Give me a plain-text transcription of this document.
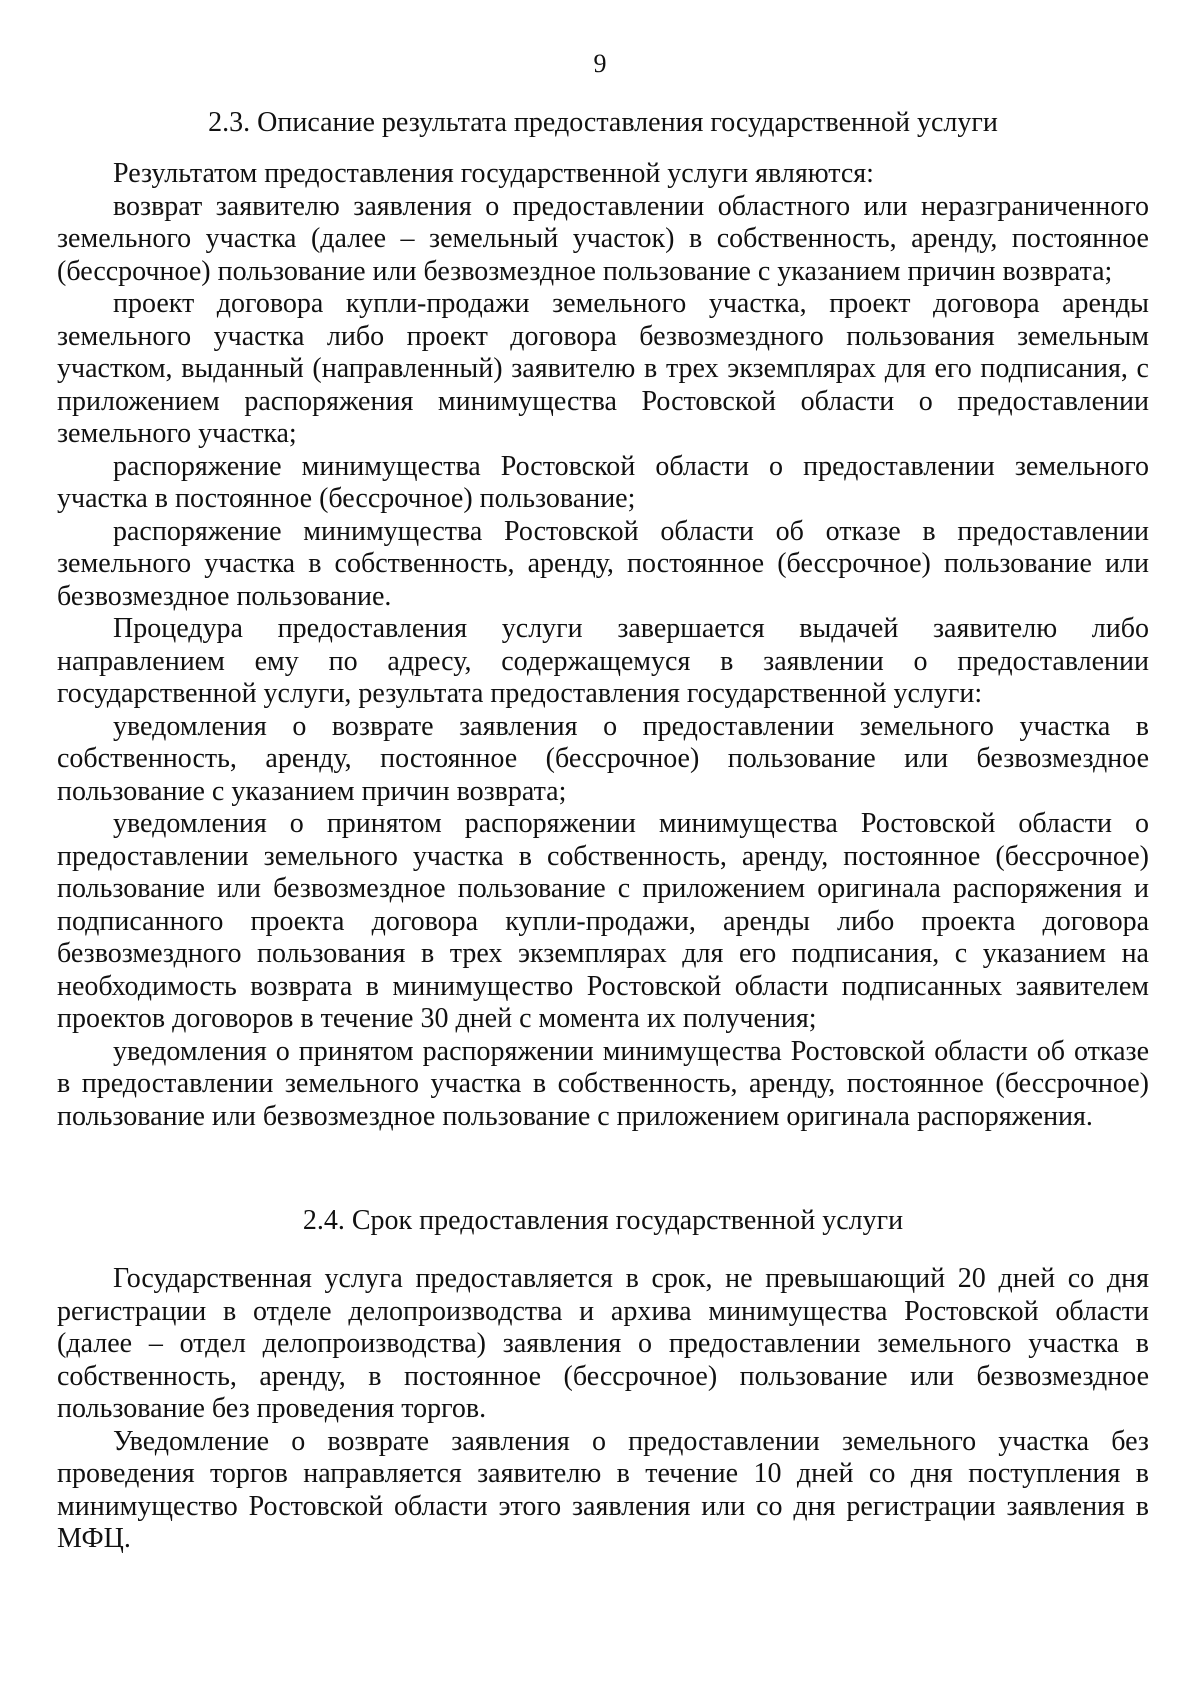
9
2.3. Описание результата предоставления государственной услуги

Результатом предоставления государственной услуги являются:

возврат заявителю заявления о предоставлении областного или неразграниченного земельного участка (далее – земельный участок) в собственность, аренду, постоянное (бессрочное) пользование или безвозмездное пользование с указанием причин возврата;

проект договора купли-продажи земельного участка, проект договора аренды земельного участка либо проект договора безвозмездного пользования земельным участком, выданный (направленный) заявителю в трех экземплярах для его подписания, с приложением распоряжения минимущества Ростовской области о предоставлении земельного участка;

распоряжение минимущества Ростовской области о предоставлении земельного участка в постоянное (бессрочное) пользование;

распоряжение минимущества Ростовской области об отказе в предоставлении земельного участка в собственность, аренду, постоянное (бессрочное) пользование или безвозмездное пользование.

Процедура предоставления услуги завершается выдачей заявителю либо направлением ему по адресу, содержащемуся в заявлении о предоставлении государственной услуги, результата предоставления государственной услуги:

уведомления о возврате заявления о предоставлении земельного участка в собственность, аренду, постоянное (бессрочное) пользование или безвозмездное пользование с указанием причин возврата;

уведомления о принятом распоряжении минимущества Ростовской области о предоставлении земельного участка в собственность, аренду, постоянное (бессрочное) пользование или безвозмездное пользование с приложением оригинала распоряжения и подписанного проекта договора купли-продажи, аренды либо проекта договора безвозмездного пользования в трех экземплярах для его подписания, с указанием на необходимость возврата в минимущество Ростовской области подписанных заявителем проектов договоров в течение 30 дней с момента их получения;

уведомления о принятом распоряжении минимущества Ростовской области об отказе в предоставлении земельного участка в собственность, аренду, постоянное (бессрочное) пользование или безвозмездное пользование с приложением оригинала распоряжения.

2.4. Срок предоставления государственной услуги

Государственная услуга предоставляется в срок, не превышающий 20 дней со дня регистрации в отделе делопроизводства и архива минимущества Ростовской области (далее – отдел делопроизводства) заявления о предоставлении земельного участка в собственность, аренду, в постоянное (бессрочное) пользование или безвозмездное пользование без проведения торгов.

Уведомление о возврате заявления о предоставлении земельного участка без проведения торгов направляется заявителю в течение 10 дней со дня поступления в минимущество Ростовской области этого заявления или со дня регистрации заявления в МФЦ.
